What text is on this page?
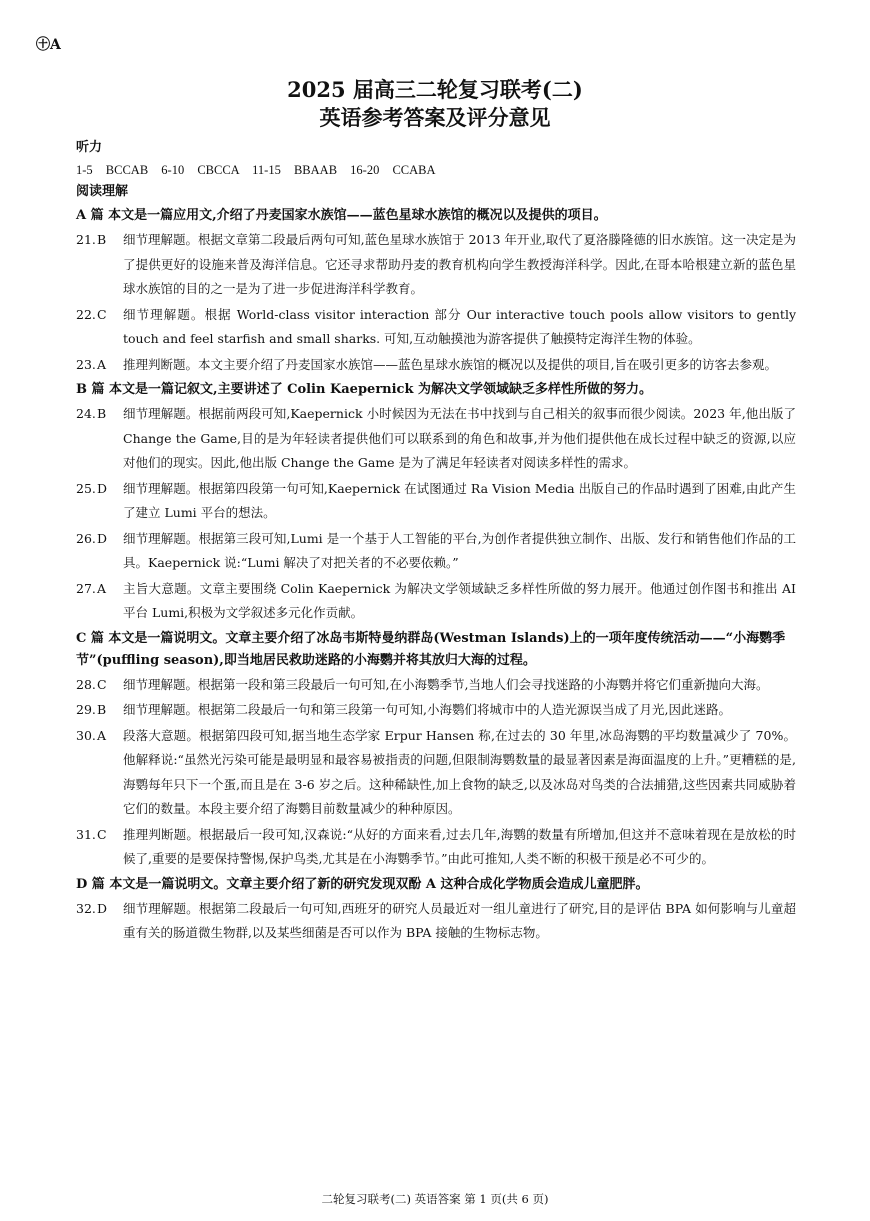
㊉A
2025 届高三二轮复习联考(二)
英语参考答案及评分意见
听力
1-5 BCCAB 6-10 CBCCA 11-15 BBAAB 16-20 CCABA
阅读理解
A 篇 本文是一篇应用文,介绍了丹麦国家水族馆——蓝色星球水族馆的概况以及提供的项目。
21. B	细节理解题。根据文章第二段最后两句可知,蓝色星球水族馆于 2013 年开业,取代了夏洛滕隆德的旧水族馆。这一决定是为了提供更好的设施来普及海洋信息。它还寻求帮助丹麦的教育机构向学生教授海洋科学。因此,在哥本哈根建立新的蓝色星球水族馆的目的之一是为了进一步促进海洋科学教育。
22. C	细节理解题。根据 World-class visitor interaction 部分 Our interactive touch pools allow visitors to gently touch and feel starfish and small sharks. 可知,互动触摸池为游客提供了触摸特定海洋生物的体验。
23. A	推理判断题。本文主要介绍了丹麦国家水族馆——蓝色星球水族馆的概况以及提供的项目,旨在吸引更多的访客去参观。
B 篇 本文是一篇记叙文,主要讲述了 Colin Kaepernick 为解决文学领域缺乏多样性所做的努力。
24. B	细节理解题。根据前两段可知,Kaepernick 小时候因为无法在书中找到与自己相关的叙事而很少阅读。2023 年,他出版了 Change the Game,目的是为年轻读者提供他们可以联系到的角色和故事,并为他们提供他在成长过程中缺乏的资源,以应对他们的现实。因此,他出版 Change the Game 是为了满足年轻读者对阅读多样性的需求。
25. D	细节理解题。根据第四段第一句可知,Kaepernick 在试图通过 Ra Vision Media 出版自己的作品时遇到了困难,由此产生了建立 Lumi 平台的想法。
26. D	细节理解题。根据第三段可知,Lumi 是一个基于人工智能的平台,为创作者提供独立制作、出版、发行和销售他们作品的工具。Kaepernick 说:“Lumi 解决了对把关者的不必要依赖。”
27. A	主旨大意题。文章主要围绕 Colin Kaepernick 为解决文学领域缺乏多样性所做的努力展开。他通过创作图书和推出 AI 平台 Lumi,积极为文学叙述多元化作贡献。
C 篇 本文是一篇说明文。文章主要介绍了冰岛韦斯特曼纳群岛(Westman Islands)上的一项年度传统活动——“小海鹦季节”(puffling season),即当地居民救助迷路的小海鹦并将其放归大海的过程。
28. C	细节理解题。根据第一段和第三段最后一句可知,在小海鹦季节,当地人们会寻找迷路的小海鹦并将它们重新抛向大海。
29. B	细节理解题。根据第二段最后一句和第三段第一句可知,小海鹦们将城市中的人造光源误当成了月光,因此迷路。
30. A	段落大意题。根据第四段可知,据当地生态学家 Erpur Hansen 称,在过去的 30 年里,冰岛海鹦的平均数量减少了 70%。他解释说:“虽然光污染可能是最明显和最容易被指责的问题,但限制海鹦数量的最显著因素是海面温度的上升。”更糟糕的是,海鹦每年只下一个蛋,而且是在 3-6 岁之后。这种稀缺性,加上食物的缺乏,以及冰岛对鸟类的合法捕猎,这些因素共同威胁着它们的数量。本段主要介绍了海鹦目前数量减少的种种原因。
31. C	推理判断题。根据最后一段可知,汉森说:“从好的方面来看,过去几年,海鹦的数量有所增加,但这并不意味着现在是放松的时候了,重要的是要保持警惕,保护鸟类,尤其是在小海鹦季节。”由此可推知,人类不断的积极干预是必不可少的。
D 篇 本文是一篇说明文。文章主要介绍了新的研究发现双酚 A 这种合成化学物质会造成儿童肥胖。
32. D	细节理解题。根据第二段最后一句可知,西班牙的研究人员最近对一组儿童进行了研究,目的是评估 BPA 如何影响与儿童超重有关的肠道微生物群,以及某些细菌是否可以作为 BPA 接触的生物标志物。
二轮复习联考(二) 英语答案 第 1 页(共 6 页)
